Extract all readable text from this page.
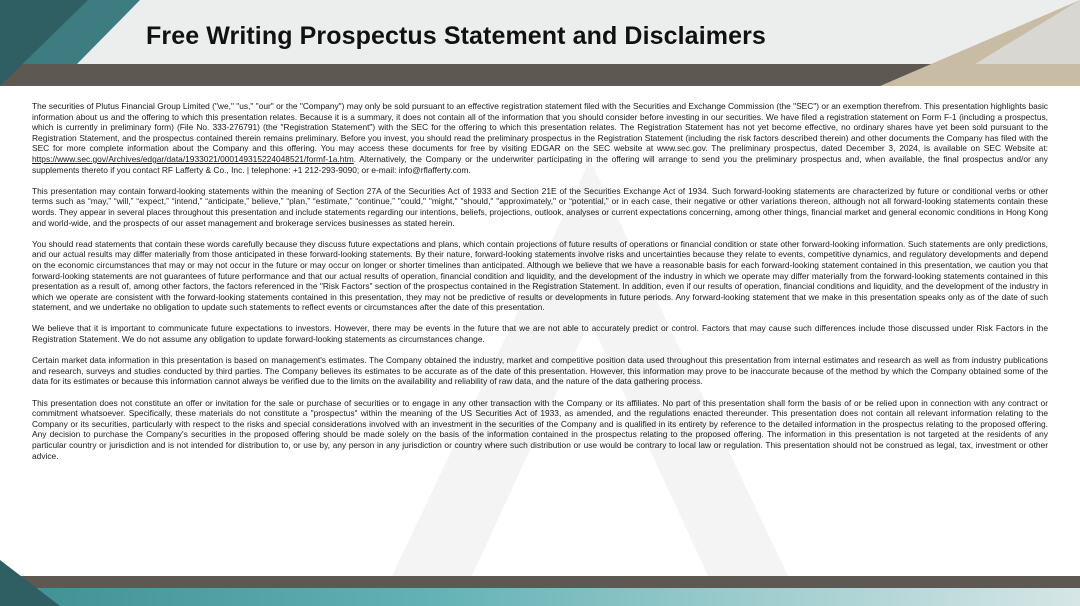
Free Writing Prospectus Statement and Disclaimers

The securities of Plutus Financial Group Limited ("we," "us," "our" or the "Company") may only be sold pursuant to an effective registration statement filed with the Securities and Exchange Commission (the "SEC") or an exemption therefrom. This presentation highlights basic information about us and the offering to which this presentation relates. Because it is a summary, it does not contain all of the information that you should consider before investing in our securities. We have filed a registration statement on Form F-1 (including a prospectus, which is currently in preliminary form) (File No. 333-276791) (the "Registration Statement") with the SEC for the offering to which this presentation relates. The Registration Statement has not yet become effective, no ordinary shares have yet been sold pursuant to the Registration Statement, and the prospectus contained therein remains preliminary. Before you invest, you should read the preliminary prospectus in the Registration Statement (including the risk factors described therein) and other documents the Company has filed with the SEC for more complete information about the Company and this offering. You may access these documents for free by visiting EDGAR on the SEC website at www.sec.gov. The preliminary prospectus, dated December 3, 2024, is available on SEC Website at: https://www.sec.gov/Archives/edgar/data/1933021/000149315224048521/formf-1a.htm. Alternatively, the Company or the underwriter participating in the offering will arrange to send you the preliminary prospectus and, when available, the final prospectus and/or any supplements thereto if you contact RF Lafferty & Co., Inc. | telephone: +1 212-293-9090; or e-mail: info@rflafferty.com.

This presentation may contain forward-looking statements within the meaning of Section 27A of the Securities Act of 1933 and Section 21E of the Securities Exchange Act of 1934. Such forward-looking statements are characterized by future or conditional verbs or other terms such as “may,” “will,” “expect,” “intend,” “anticipate,” believe,” “plan,” “estimate,” “continue,” "could," "might," "should," "approximately," or “potential,” or in each case, their negative or other variations thereon, although not all forward-looking statements contain these words. They appear in several places throughout this presentation and include statements regarding our intentions, beliefs, projections, outlook, analyses or current expectations concerning, among other things, financial market and general economic conditions in Hong Kong and world-wide, and the prospects of our asset management and brokerage services businesses as stated herein.

You should read statements that contain these words carefully because they discuss future expectations and plans, which contain projections of future results of operations or financial condition or state other forward-looking information. Such statements are only predictions, and our actual results may differ materially from those anticipated in these forward-looking statements. By their nature, forward-looking statements involve risks and uncertainties because they relate to events, competitive dynamics, and regulatory developments and depend on the economic circumstances that may or may not occur in the future or may occur on longer or shorter timelines than anticipated. Although we believe that we have a reasonable basis for each forward-looking statement contained in this presentation, we caution you that forward-looking statements are not guarantees of future performance and that our actual results of operation, financial condition and liquidity, and the development of the industry in which we operate may differ materially from the forward-looking statements contained in this presentation as a result of, among other factors, the factors referenced in the "Risk Factors" section of the prospectus contained in the Registration Statement. In addition, even if our results of operation, financial conditions and liquidity, and the development of the industry in which we operate are consistent with the forward-looking statements contained in this presentation, they may not be predictive of results or developments in future periods. Any forward-looking statement that we make in this presentation speaks only as of the date of such statement, and we undertake no obligation to update such statements to reflect events or circumstances after the date of this presentation.

We believe that it is important to communicate future expectations to investors. However, there may be events in the future that we are not able to accurately predict or control. Factors that may cause such differences include those discussed under Risk Factors in the Registration Statement. We do not assume any obligation to update forward-looking statements as circumstances change.

Certain market data information in this presentation is based on management's estimates. The Company obtained the industry, market and competitive position data used throughout this presentation from internal estimates and research as well as from industry publications and research, surveys and studies conducted by third parties. The Company believes its estimates to be accurate as of the date of this presentation. However, this information may prove to be inaccurate because of the method by which the Company obtained some of the data for its estimates or because this information cannot always be verified due to the limits on the availability and reliability of raw data, and the nature of the data gathering process.

This presentation does not constitute an offer or invitation for the sale or purchase of securities or to engage in any other transaction with the Company or its affiliates. No part of this presentation shall form the basis of or be relied upon in connection with any contract or commitment whatsoever. Specifically, these materials do not constitute a "prospectus" within the meaning of the US Securities Act of 1933, as amended, and the regulations enacted thereunder. This presentation does not contain all relevant information relating to the Company or its securities, particularly with respect to the risks and special considerations involved with an investment in the securities of the Company and is qualified in its entirety by reference to the detailed information in the prospectus relating to the proposed offering. Any decision to purchase the Company's securities in the proposed offering should be made solely on the basis of the information contained in the prospectus relating to the proposed offering. The information in this presentation is not targeted at the residents of any particular country or jurisdiction and is not intended for distribution to, or use by, any person in any jurisdiction or country where such distribution or use would be contrary to local law or regulation. This presentation should not be construed as legal, tax, investment or other advice.
